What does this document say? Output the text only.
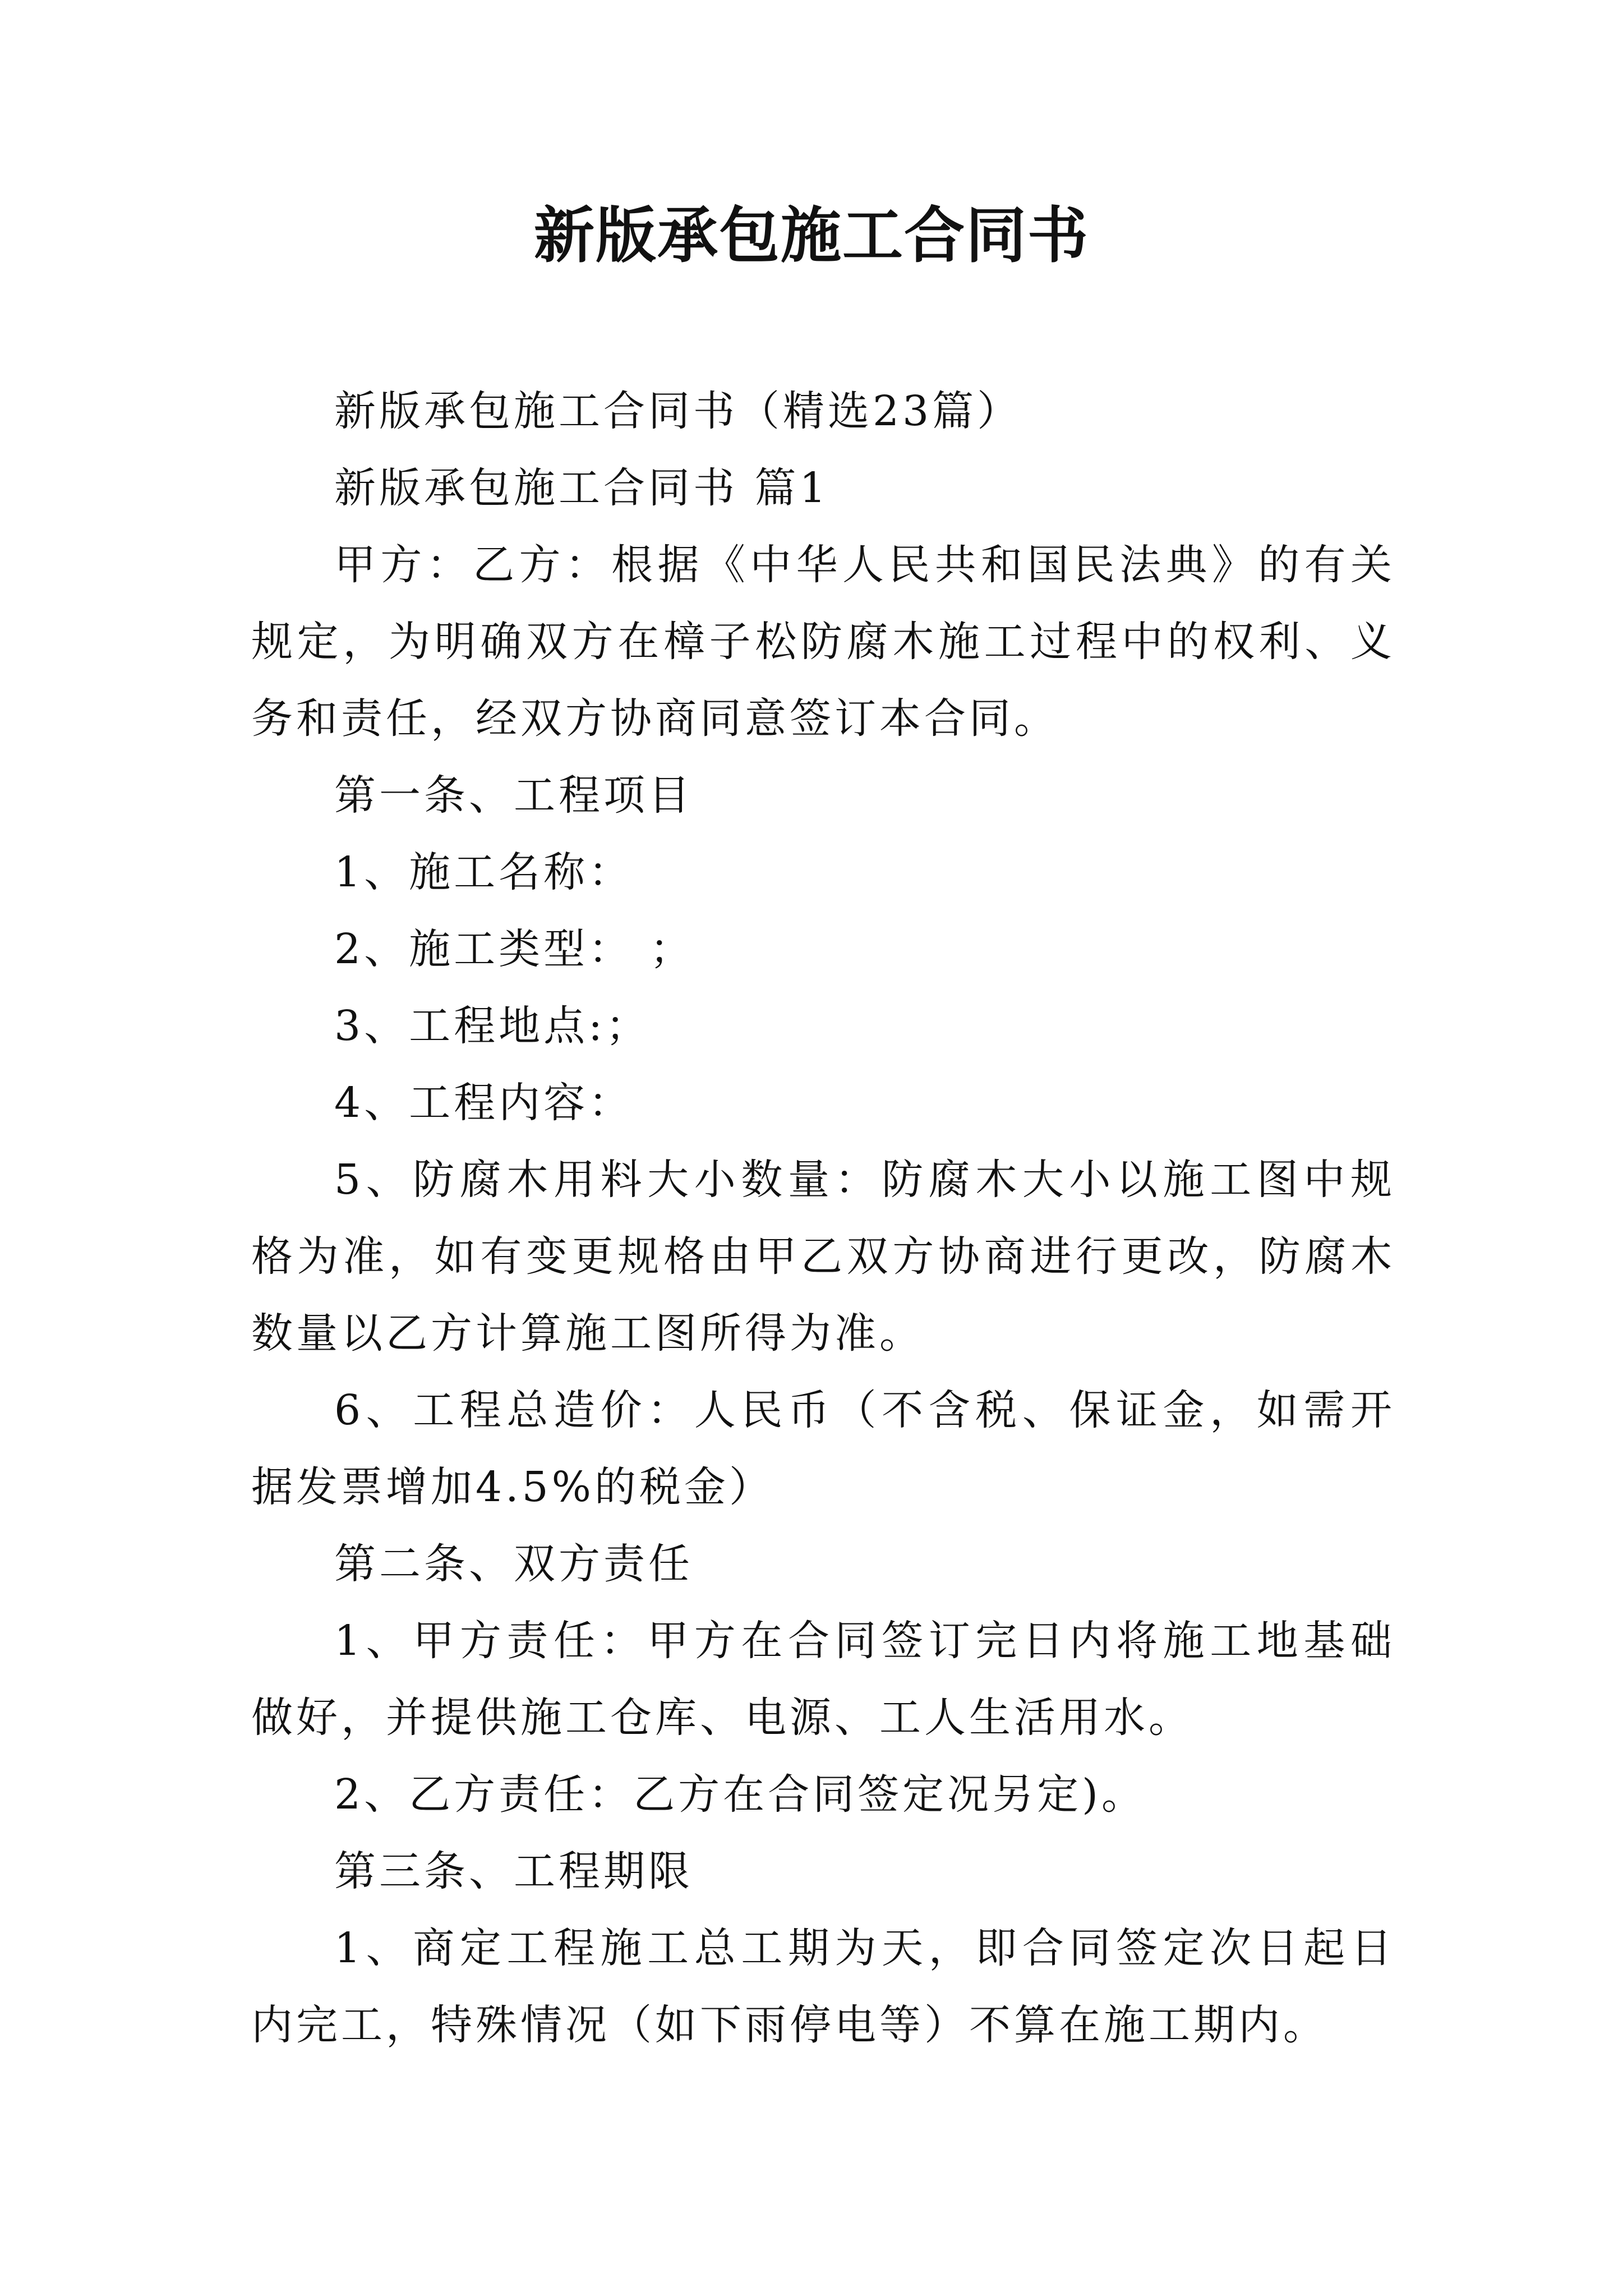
新版承包施工合同书

新版承包施工合同书（精选23篇）

新版承包施工合同书 篇1

甲方：乙方：根据《中华人民共和国民法典》的有关规定，为明确双方在樟子松防腐木施工过程中的权利、义务和责任，经双方协商同意签订本合同。

第一条、工程项目

1、施工名称：

2、施工类型： ；

3、工程地点:；

4、工程内容：

5、防腐木用料大小数量：防腐木大小以施工图中规格为准，如有变更规格由甲乙双方协商进行更改，防腐木数量以乙方计算施工图所得为准。

6、工程总造价：人民币（不含税、保证金，如需开据发票增加4.5%的税金）

第二条、双方责任

1、甲方责任：甲方在合同签订完日内将施工地基础做好，并提供施工仓库、电源、工人生活用水。

2、乙方责任：乙方在合同签定况另定)。

第三条、工程期限

1、商定工程施工总工期为天，即合同签定次日起日内完工，特殊情况（如下雨停电等）不算在施工期内。
